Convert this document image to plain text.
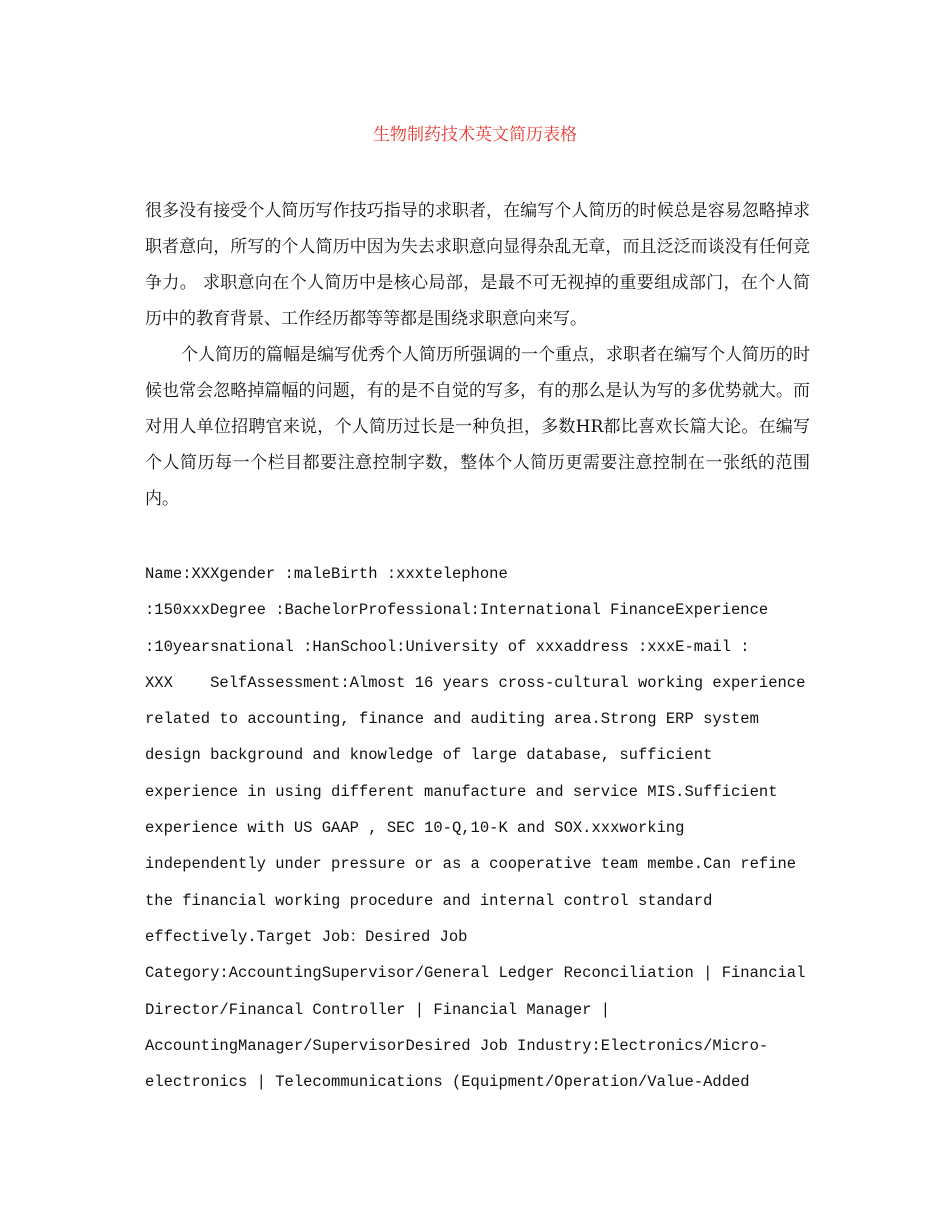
生物制药技术英文简历表格

很多没有接受个人简历写作技巧指导的求职者，在编写个人简历的时候总是容易忽略掉求职者意向，所写的个人简历中因为失去求职意向显得杂乱无章，而且泛泛而谈没有任何竞争力。 求职意向在个人简历中是核心局部，是最不可无视掉的重要组成部门，在个人简历中的教育背景、工作经历都等等都是围绕求职意向来写。

个人简历的篇幅是编写优秀个人简历所强调的一个重点，求职者在编写个人简历的时候也常会忽略掉篇幅的问题，有的是不自觉的写多，有的那么是认为写的多优势就大。而对用人单位招聘官来说，个人简历过长是一种负担，多数HR都比喜欢长篇大论。在编写个人简历每一个栏目都要注意控制字数，整体个人简历更需要注意控制在一张纸的范围内。

Name:XXXgender :maleBirth :xxxtelephone

:150xxxDegree :BachelorProfessional:International FinanceExperience

:10yearsnational :HanSchool:University of xxxaddress :xxxE-mail :

XXX    SelfAssessment:Almost 16 years cross-cultural working experience

related to accounting, finance and auditing area.Strong ERP system

design background and knowledge of large database, sufficient

experience in using different manufacture and service MIS.Sufficient

experience with US GAAP , SEC 10-Q,10-K and SOX.xxxworking

independently under pressure or as a cooperative team membe.Can refine

the financial working procedure and internal control standard

effectively.Target Job：Desired Job

Category:AccountingSupervisor/General Ledger Reconciliation | Financial

Director/Financal Controller | Financial Manager |

AccountingManager/SupervisorDesired Job Industry:Electronics/Micro-

electronics | Telecommunications (Equipment/Operation/Value-Added
